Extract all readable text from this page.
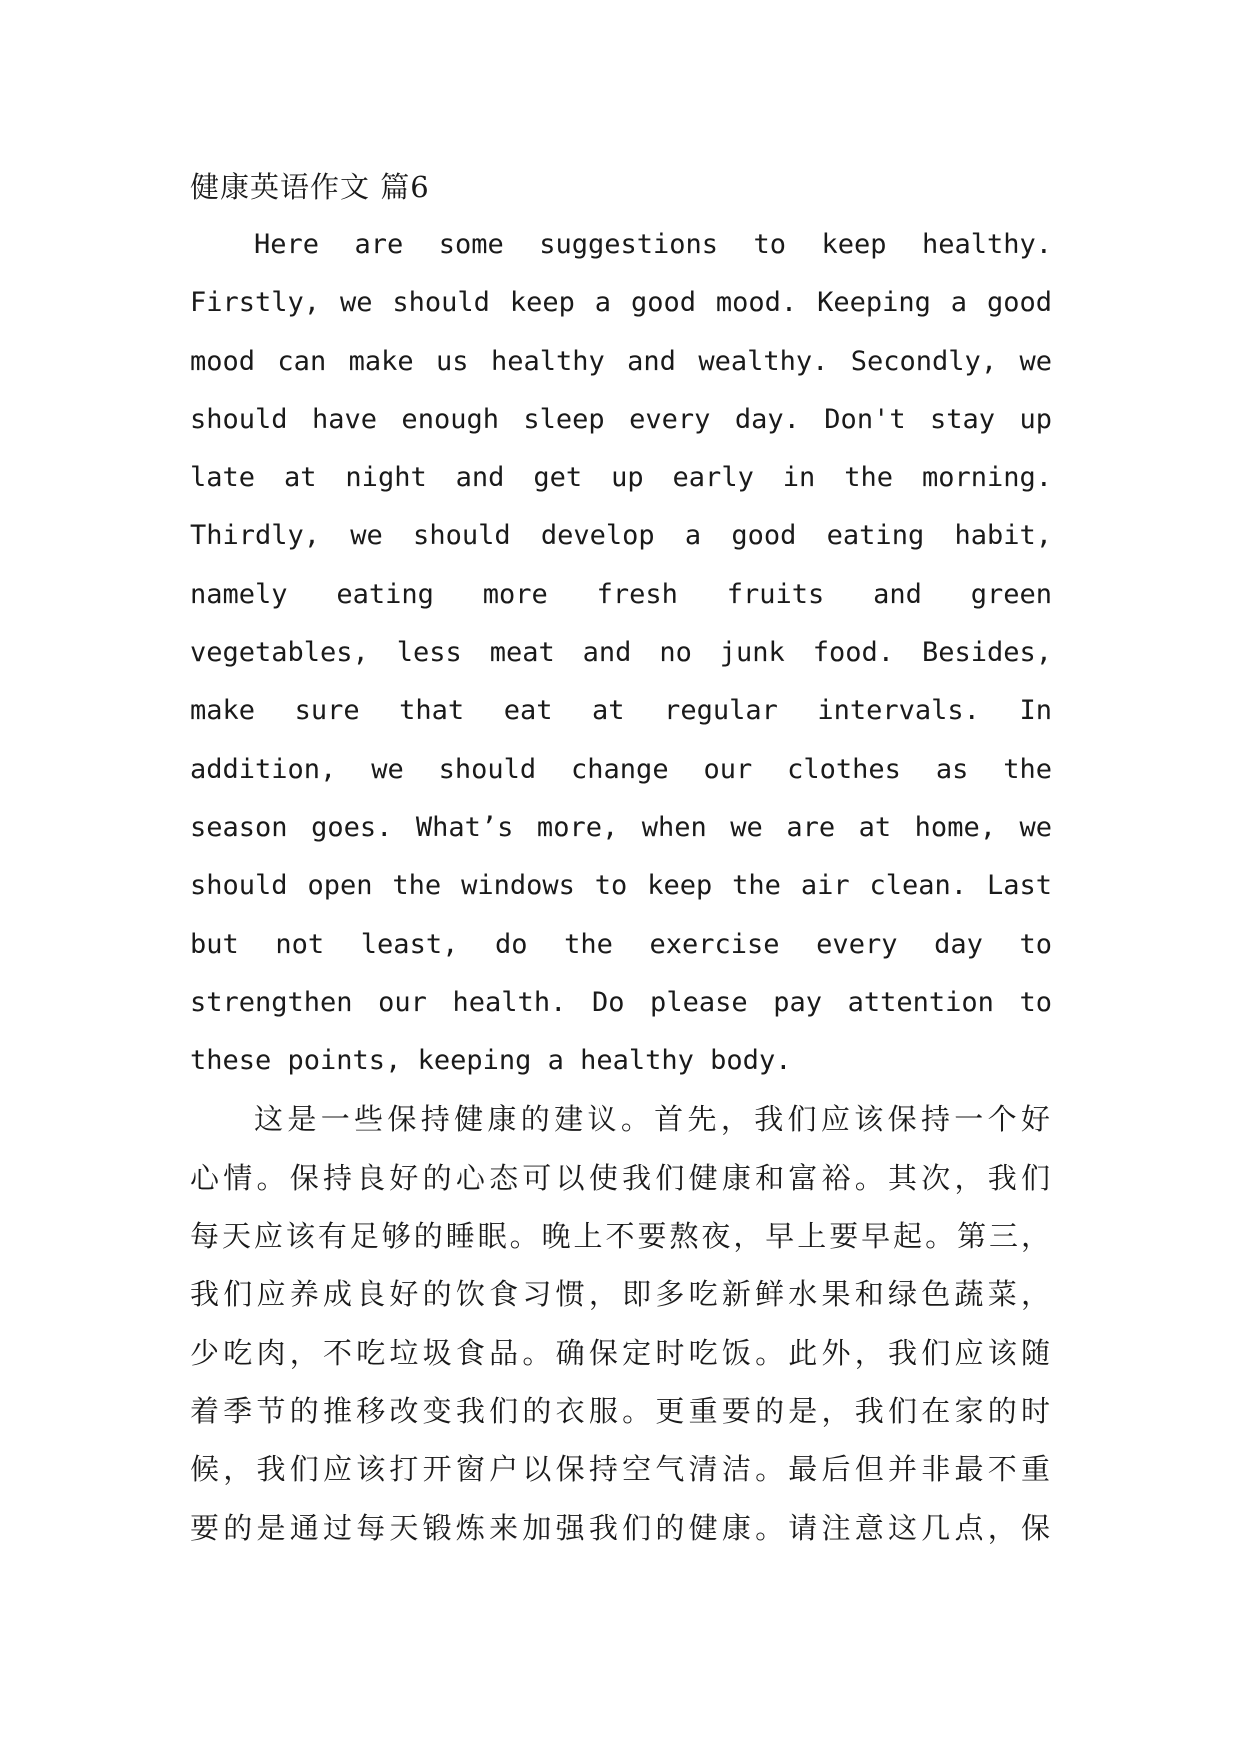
健康英语作文 篇6
Here are some suggestions to keep healthy.
Firstly, we should keep a good mood. Keeping a good
mood can make us healthy and wealthy. Secondly, we
should have enough sleep every day. Don't stay up
late at night and get up early in the morning.
Thirdly, we should develop a good eating habit,
namely eating more fresh fruits and green
vegetables, less meat and no junk food. Besides,
make sure that eat at regular intervals. In
addition, we should change our clothes as the
season goes. What’s more, when we are at home, we
should open the windows to keep the air clean. Last
but not least, do the exercise every day to
strengthen our health. Do please pay attention to
these points, keeping a healthy body.
这是一些保持健康的建议。首先，我们应该保持一个好
心情。保持良好的心态可以使我们健康和富裕。其次，我们
每天应该有足够的睡眠。晚上不要熬夜，早上要早起。第三，
我们应养成良好的饮食习惯，即多吃新鲜水果和绿色蔬菜，
少吃肉，不吃垃圾食品。确保定时吃饭。此外，我们应该随
着季节的推移改变我们的衣服。更重要的是，我们在家的时
候，我们应该打开窗户以保持空气清洁。最后但并非最不重
要的是通过每天锻炼来加强我们的健康。请注意这几点，保
